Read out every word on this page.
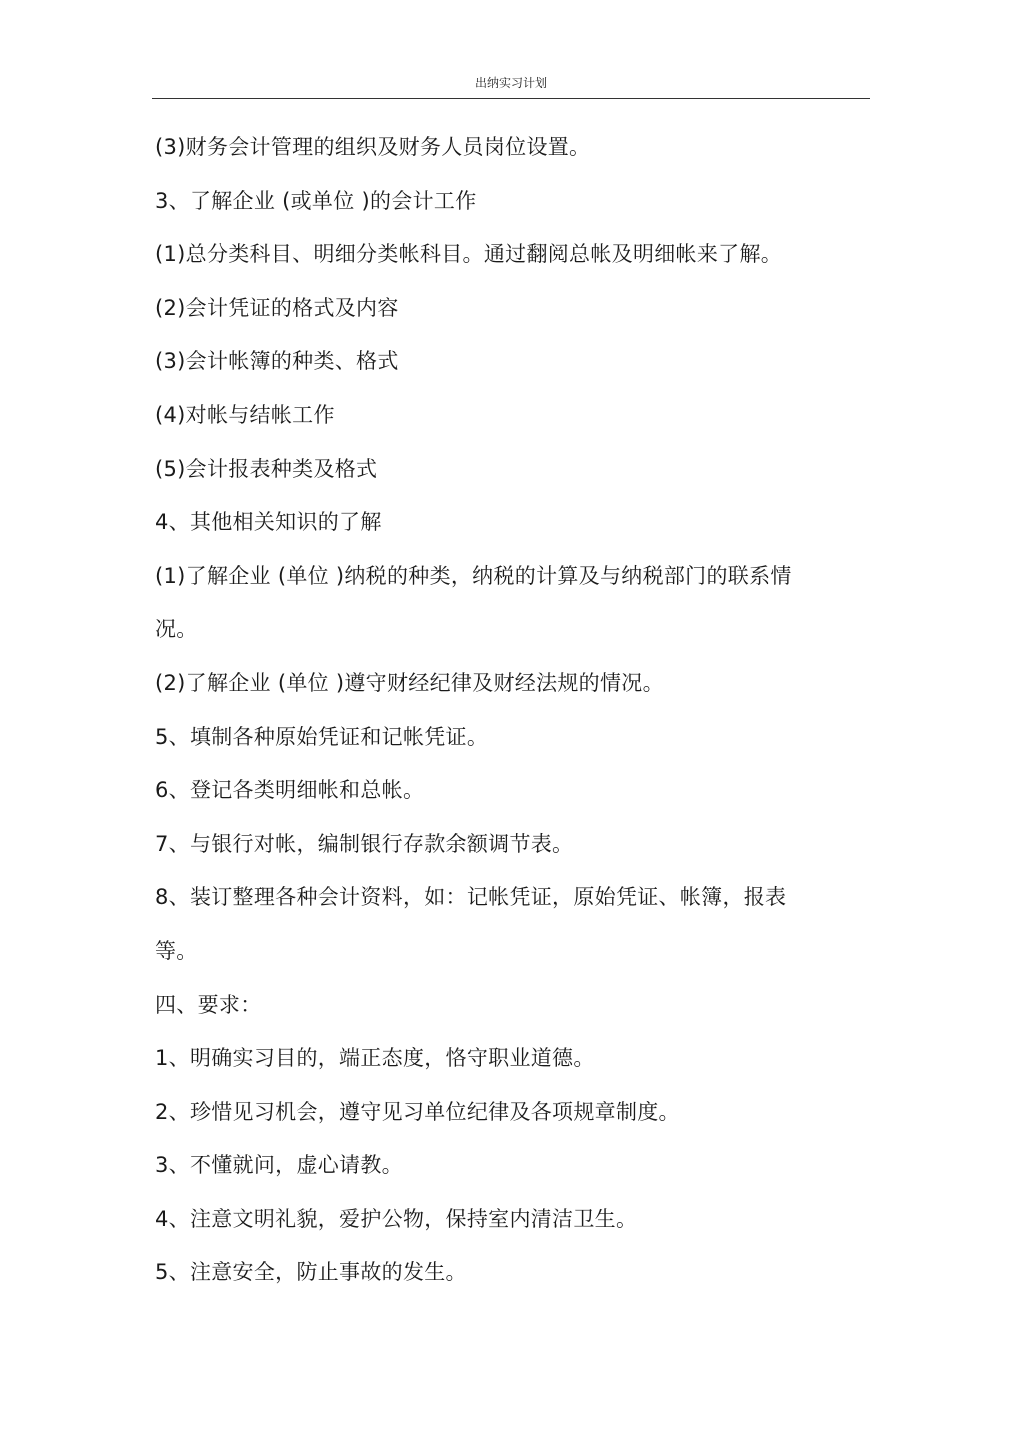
出纳实习计划
(3)财务会计管理的组织及财务人员岗位设置。
3、了解企业 (或单位 )的会计工作
(1)总分类科目、明细分类帐科目。通过翻阅总帐及明细帐来了解。
(2)会计凭证的格式及内容
(3)会计帐簿的种类、格式
(4)对帐与结帐工作
(5)会计报表种类及格式
4、其他相关知识的了解
(1)了解企业 (单位 )纳税的种类，纳税的计算及与纳税部门的联系情
况。
(2)了解企业 (单位 )遵守财经纪律及财经法规的情况。
5、填制各种原始凭证和记帐凭证。
6、登记各类明细帐和总帐。
7、与银行对帐，编制银行存款余额调节表。
8、装订整理各种会计资料，如：记帐凭证，原始凭证、帐簿，报表
等。
四、要求：
1、明确实习目的，端正态度，恪守职业道德。
2、珍惜见习机会，遵守见习单位纪律及各项规章制度。
3、不懂就问，虚心请教。
4、注意文明礼貌，爱护公物，保持室内清洁卫生。
5、注意安全，防止事故的发生。
